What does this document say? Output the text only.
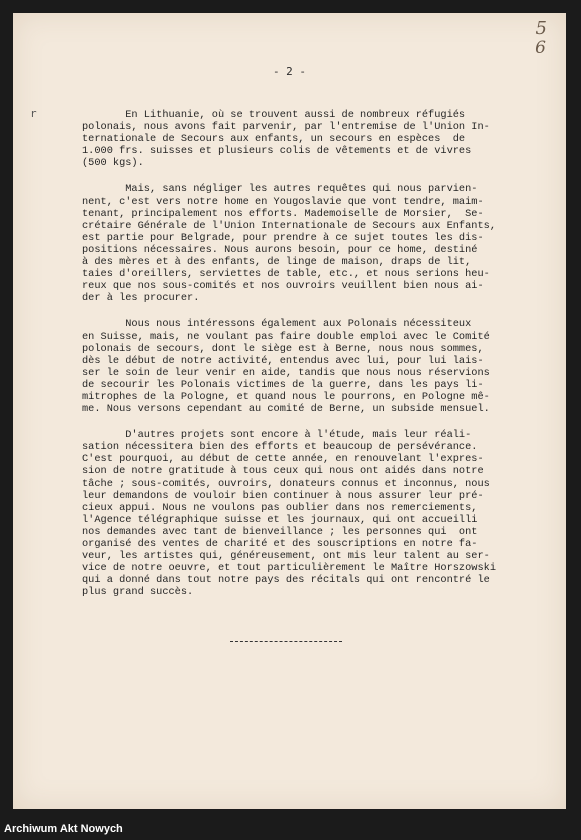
5
6
- 2 -
r	En Lithuanie, où se trouvent aussi de nombreux réfugiés
polonais, nous avons fait parvenir, par l'entremise de l'Union In-
ternationale de Secours aux enfants, un secours en espèces  de
1.000 frs. suisses et plusieurs colis de vêtements et de vivres
(500 kgs).
Mais, sans négliger les autres requêtes qui nous parvien-
nent, c'est vers notre home en Yougoslavie que vont tendre, maim-
tenant, principalement nos efforts. Mademoiselle de Morsier,  Se-
crétaire Générale de l'Union Internationale de Secours aux Enfants,
est partie pour Belgrade, pour prendre à ce sujet toutes les dis-
positions nécessaires. Nous aurons besoin, pour ce home, destiné
à des mères et à des enfants, de linge de maison, draps de lit,
taies d'oreillers, serviettes de table, etc., et nous serions heu-
reux que nos sous-comités et nos ouvroirs veuillent bien nous ai-
der à les procurer.
Nous nous intéressons également aux Polonais nécessiteux
en Suisse, mais, ne voulant pas faire double emploi avec le Comité
polonais de secours, dont le siège est à Berne, nous nous sommes,
dès le début de notre activité, entendus avec lui, pour lui lais-
ser le soin de leur venir en aide, tandis que nous nous réservions
de secourir les Polonais victimes de la guerre, dans les pays li-
mitrophes de la Pologne, et quand nous le pourrons, en Pologne mê-
me. Nous versons cependant au comité de Berne, un subside mensuel.
D'autres projets sont encore à l'étude, mais leur réali-
sation nécessitera bien des efforts et beaucoup de persévérance.
C'est pourquoi, au début de cette année, en renouvelant l'expres-
sion de notre gratitude à tous ceux qui nous ont aidés dans notre
tâche ; sous-comités, ouvroirs, donateurs connus et inconnus, nous
leur demandons de vouloir bien continuer à nous assurer leur pré-
cieux appui. Nous ne voulons pas oublier dans nos remerciements,
l'Agence télégraphique suisse et les journaux, qui ont accueilli
nos demandes avec tant de bienveillance ; les personnes qui  ont
organisé des ventes de charité et des souscriptions en notre fa-
veur, les artistes qui, généreusement, ont mis leur talent au ser-
vice de notre oeuvre, et tout particulièrement le Maître Horszowski
qui a donné dans tout notre pays des récitals qui ont rencontré le
plus grand succès.
Archiwum Akt Nowych
